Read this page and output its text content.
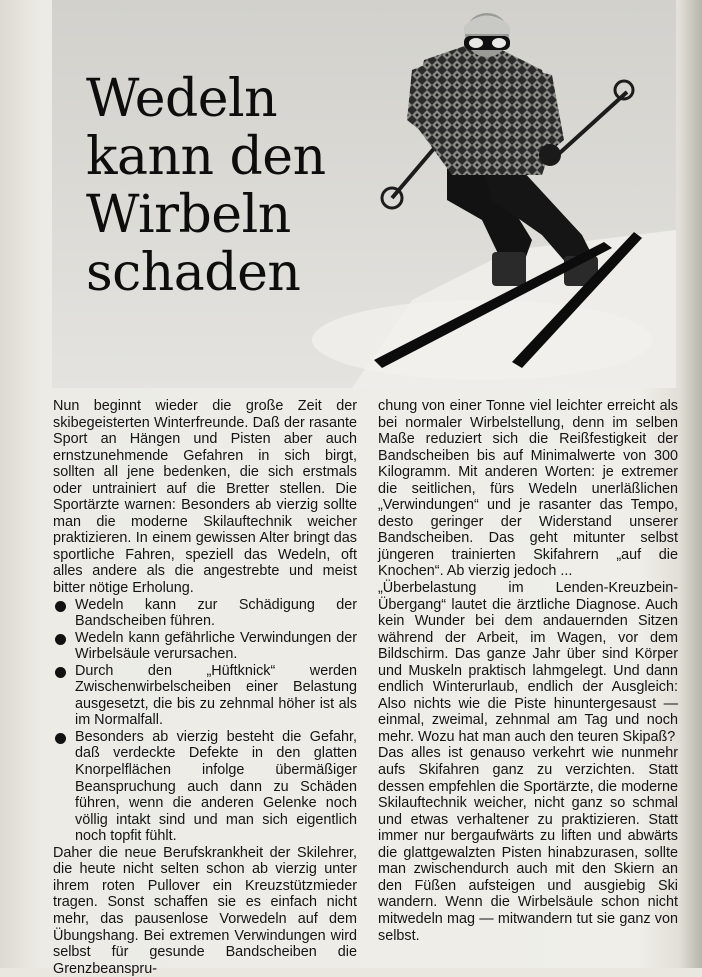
Wedeln
kann den
Wirbeln
schaden

Nun beginnt wieder die große Zeit der skibegeisterten Winterfreunde. Daß der rasante Sport an Hängen und Pisten aber auch ernstzunehmende Gefahren in sich birgt, sollten all jene bedenken, die sich erstmals oder untrainiert auf die Bretter stellen. Die Sportärzte warnen: Besonders ab vierzig sollte man die moderne Skilauftechnik weicher praktizieren. In einem gewissen Alter bringt das sportliche Fahren, speziell das Wedeln, oft alles andere als die angestrebte und meist bitter nötige Erholung.

Wedeln kann zur Schädigung der Bandscheiben führen.
Wedeln kann gefährliche Verwindungen der Wirbelsäule verursachen.
Durch den „Hüftknick“ werden Zwischenwirbelscheiben einer Belastung ausgesetzt, die bis zu zehnmal höher ist als im Normalfall.
Besonders ab vierzig besteht die Gefahr, daß verdeckte Defekte in den glatten Knorpelflächen infolge übermäßiger Beanspruchung auch dann zu Schäden führen, wenn die anderen Gelenke noch völlig intakt sind und man sich eigentlich noch topfit fühlt.

Daher die neue Berufskrankheit der Skilehrer, die heute nicht selten schon ab vierzig unter ihrem roten Pullover ein Kreuzstützmieder tragen. Sonst schaffen sie es einfach nicht mehr, das pausenlose Vorwedeln auf dem Übungshang. Bei extremen Verwindungen wird selbst für gesunde Bandscheiben die Grenzbeanspru-

chung von einer Tonne viel leichter erreicht als bei normaler Wirbelstellung, denn im selben Maße reduziert sich die Reißfestigkeit der Bandscheiben bis auf Minimalwerte von 300 Kilogramm. Mit anderen Worten: je extremer die seitlichen, fürs Wedeln unerläßlichen „Verwindungen“ und je rasanter das Tempo, desto geringer der Widerstand unserer Bandscheiben. Das geht mitunter selbst jüngeren trainierten Skifahrern „auf die Knochen“. Ab vierzig jedoch ...

„Überbelastung im Lenden-Kreuzbein-Übergang“ lautet die ärztliche Diagnose. Auch kein Wunder bei dem andauernden Sitzen während der Arbeit, im Wagen, vor dem Bildschirm. Das ganze Jahr über sind Körper und Muskeln praktisch lahmgelegt. Und dann endlich Winterurlaub, endlich der Ausgleich: Also nichts wie die Piste hinuntergesaust — einmal, zweimal, zehnmal am Tag und noch mehr. Wozu hat man auch den teuren Skipaß?

Das alles ist genauso verkehrt wie nunmehr aufs Skifahren ganz zu verzichten. Statt dessen empfehlen die Sportärzte, die moderne Skilauftechnik weicher, nicht ganz so schmal und etwas verhaltener zu praktizieren. Statt immer nur bergaufwärts zu liften und abwärts die glattgewalzten Pisten hinabzurasen, sollte man zwischendurch auch mit den Skiern an den Füßen aufsteigen und ausgiebig Ski wandern. Wenn die Wirbelsäule schon nicht mitwedeln mag — mitwandern tut sie ganz von selbst.
